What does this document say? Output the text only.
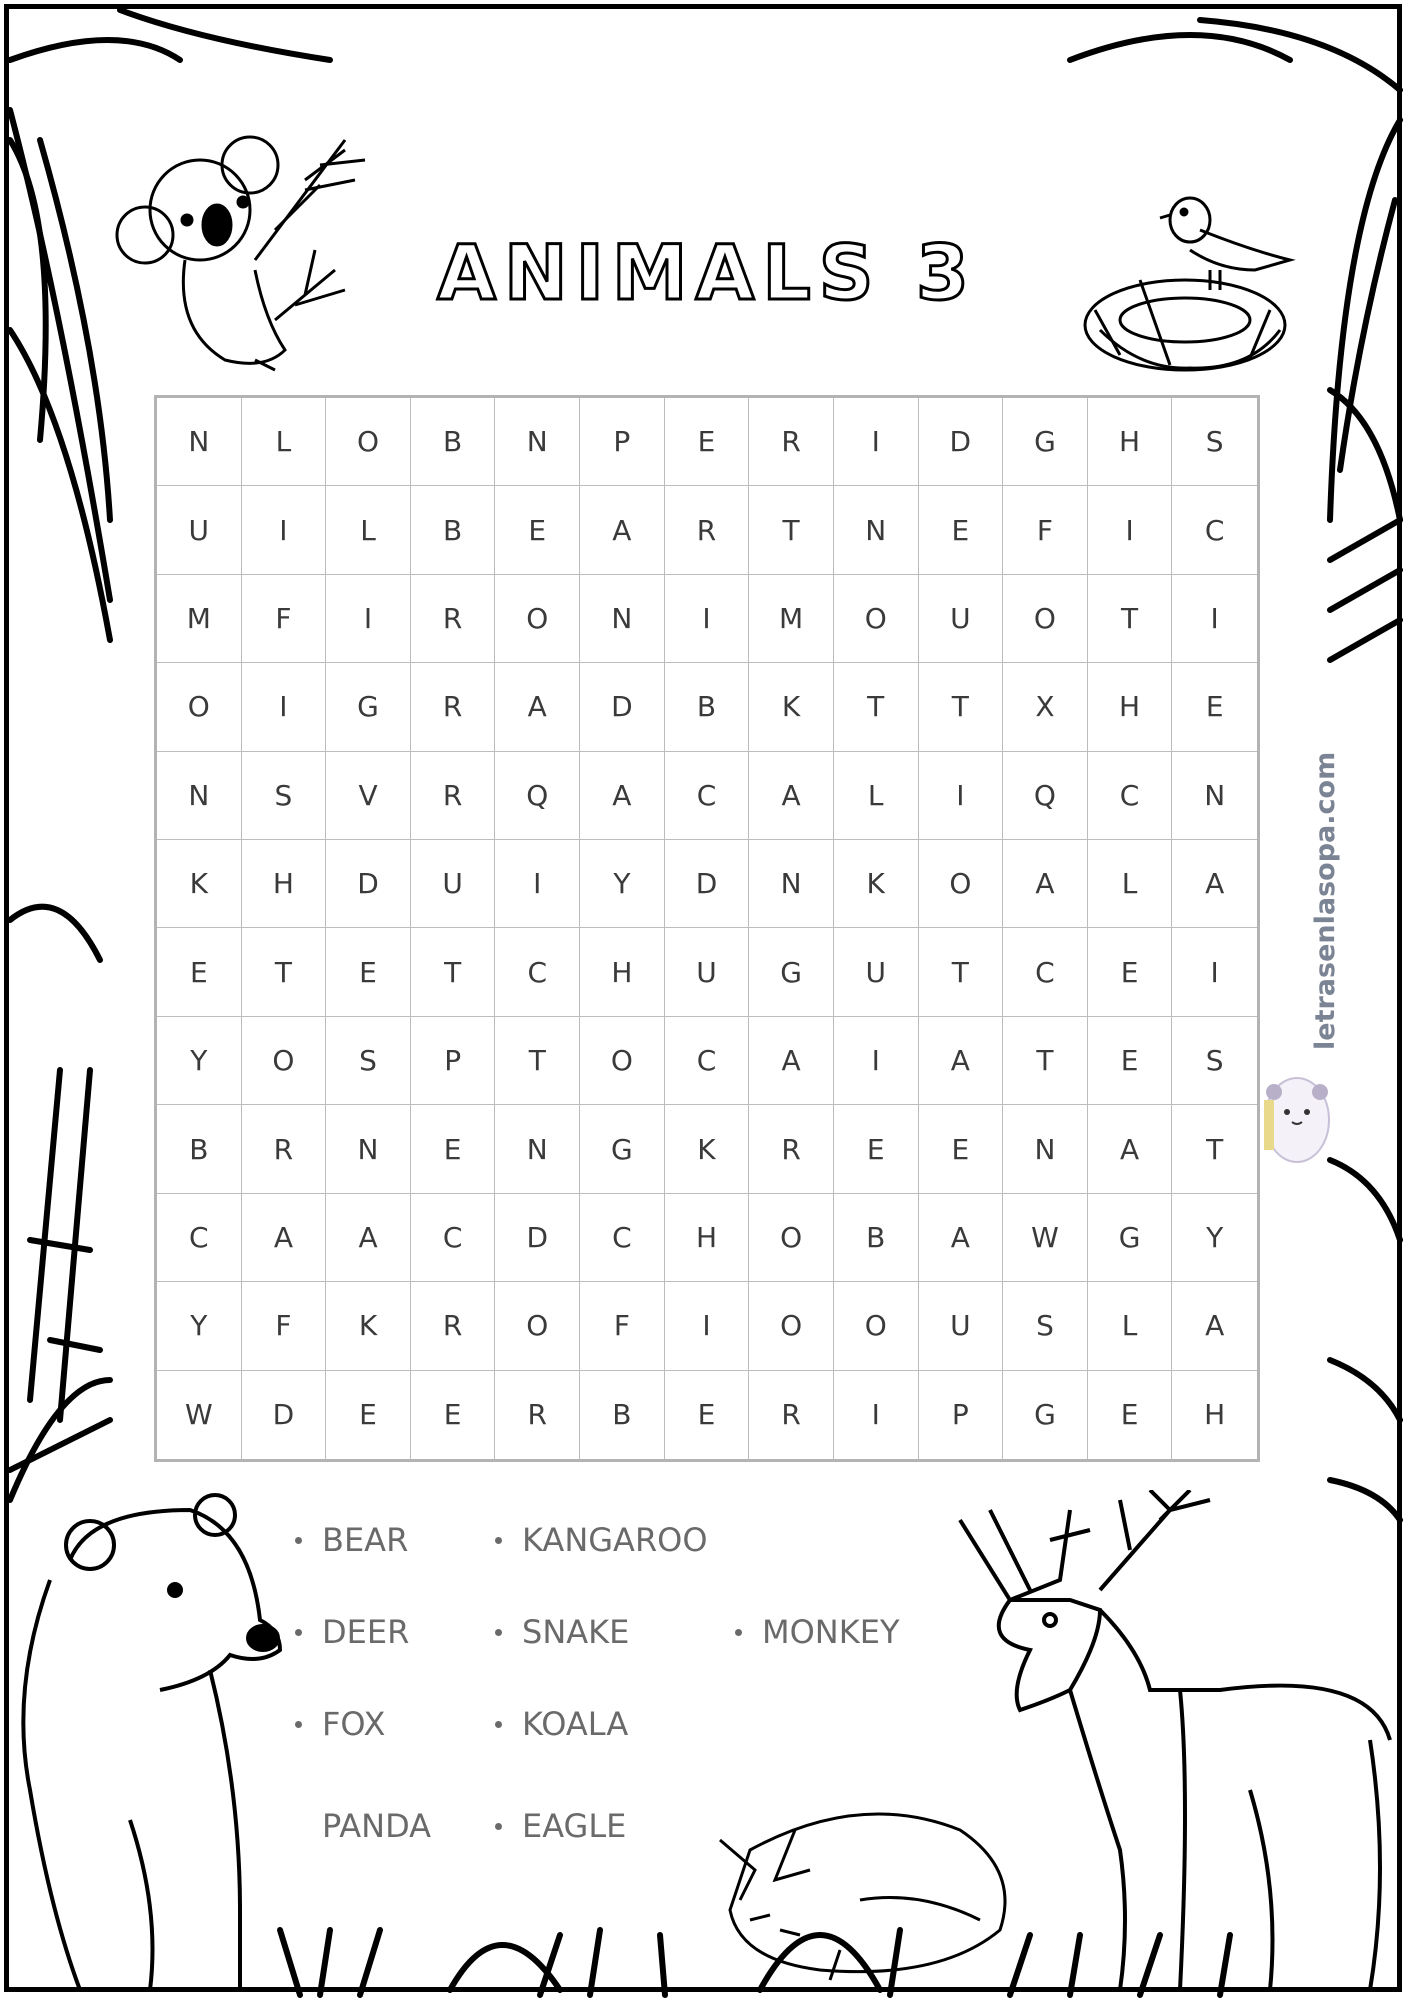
ANIMALS 3
N	L	O	B	N	P	E	R	I	D	G	H	S
U	I	L	B	E	A	R	T	N	E	F	I	C
M	F	I	R	O	N	I	M	O	U	O	T	I
O	I	G	R	A	D	B	K	T	T	X	H	E
N	S	V	R	Q	A	C	A	L	I	Q	C	N
K	H	D	U	I	Y	D	N	K	O	A	L	A
E	T	E	T	C	H	U	G	U	T	C	E	I
Y	O	S	P	T	O	C	A	I	A	T	E	S
B	R	N	E	N	G	K	R	E	E	N	A	T
C	A	A	C	D	C	H	O	B	A	W	G	Y
Y	F	K	R	O	F	I	O	O	U	S	L	A
W	D	E	E	R	B	E	R	I	P	G	E	H
BEAR	KANGAROO
DEER	SNAKE	MONKEY
FOX	KOALA
PANDA	EAGLE
letrasenlasopa.com
